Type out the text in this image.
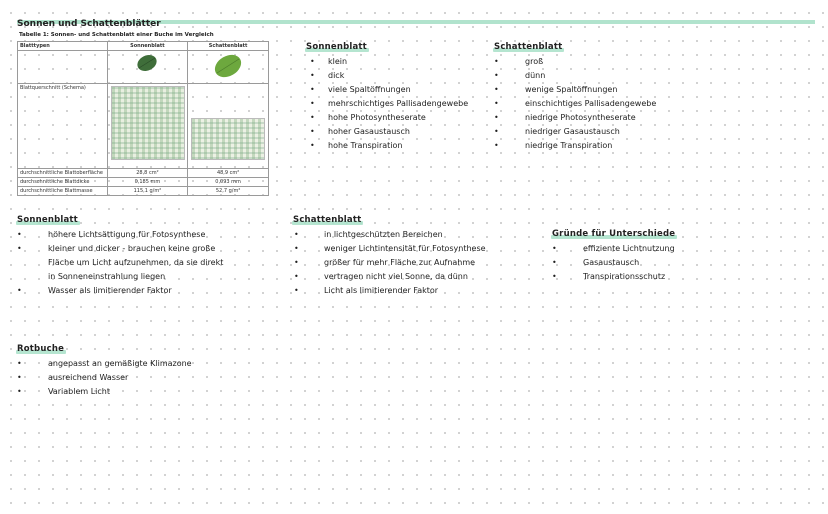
Sonnen und Schattenblätter
Tabelle 1: Sonnen- und Schattenblatt einer Buche im Vergleich
Blatttypen	Sonnenblatt	Schattenblatt

Blattquerschnitt (Schema)		
durchschnittliche Blattoberfläche	28,8 cm²	48,9 cm²
durchschnittliche Blattdicke	0,185 mm	0,093 mm
durchschnittliche Blattmasse	115,1 g/m²	52,7 g/m²
Sonnenblatt
• klein
• dick
• viele Spaltöffnungen
• mehrschichtiges Pallisadengewebe
• hohe Photosyntheserate
• hoher Gasaustausch
• hohe Transpiration
Schattenblatt
•	groß
•	dünn
•	wenige Spaltöffnungen
•	einschichtiges Pallisadengewebe
•	niedrige Photosyntheserate
•	niedriger Gasaustausch
•	niedrige Transpiration
Sonnenblatt
•	höhere Lichtsättigung für Fotosynthese
•	kleiner und dicker - brauchen keine große
Fläche um Licht aufzunehmen, da sie direkt
in Sonneneinstrahlung liegen
•	Wasser als limitierender Faktor
Schattenblatt
•	in lichtgeschützten Bereichen
•	weniger Lichtintensität für Fotosynthese
•	größer für mehr Fläche zur Aufnahme
•	vertragen nicht viel Sonne, da dünn
•	Licht als limitierender Faktor
Gründe für Unterschiede
•	effiziente Lichtnutzung
•	Gasaustausch
•	Transpirationsschutz
Rotbuche
•	angepasst an gemäßigte Klimazone
•	ausreichend Wasser
•	Variablem Licht
